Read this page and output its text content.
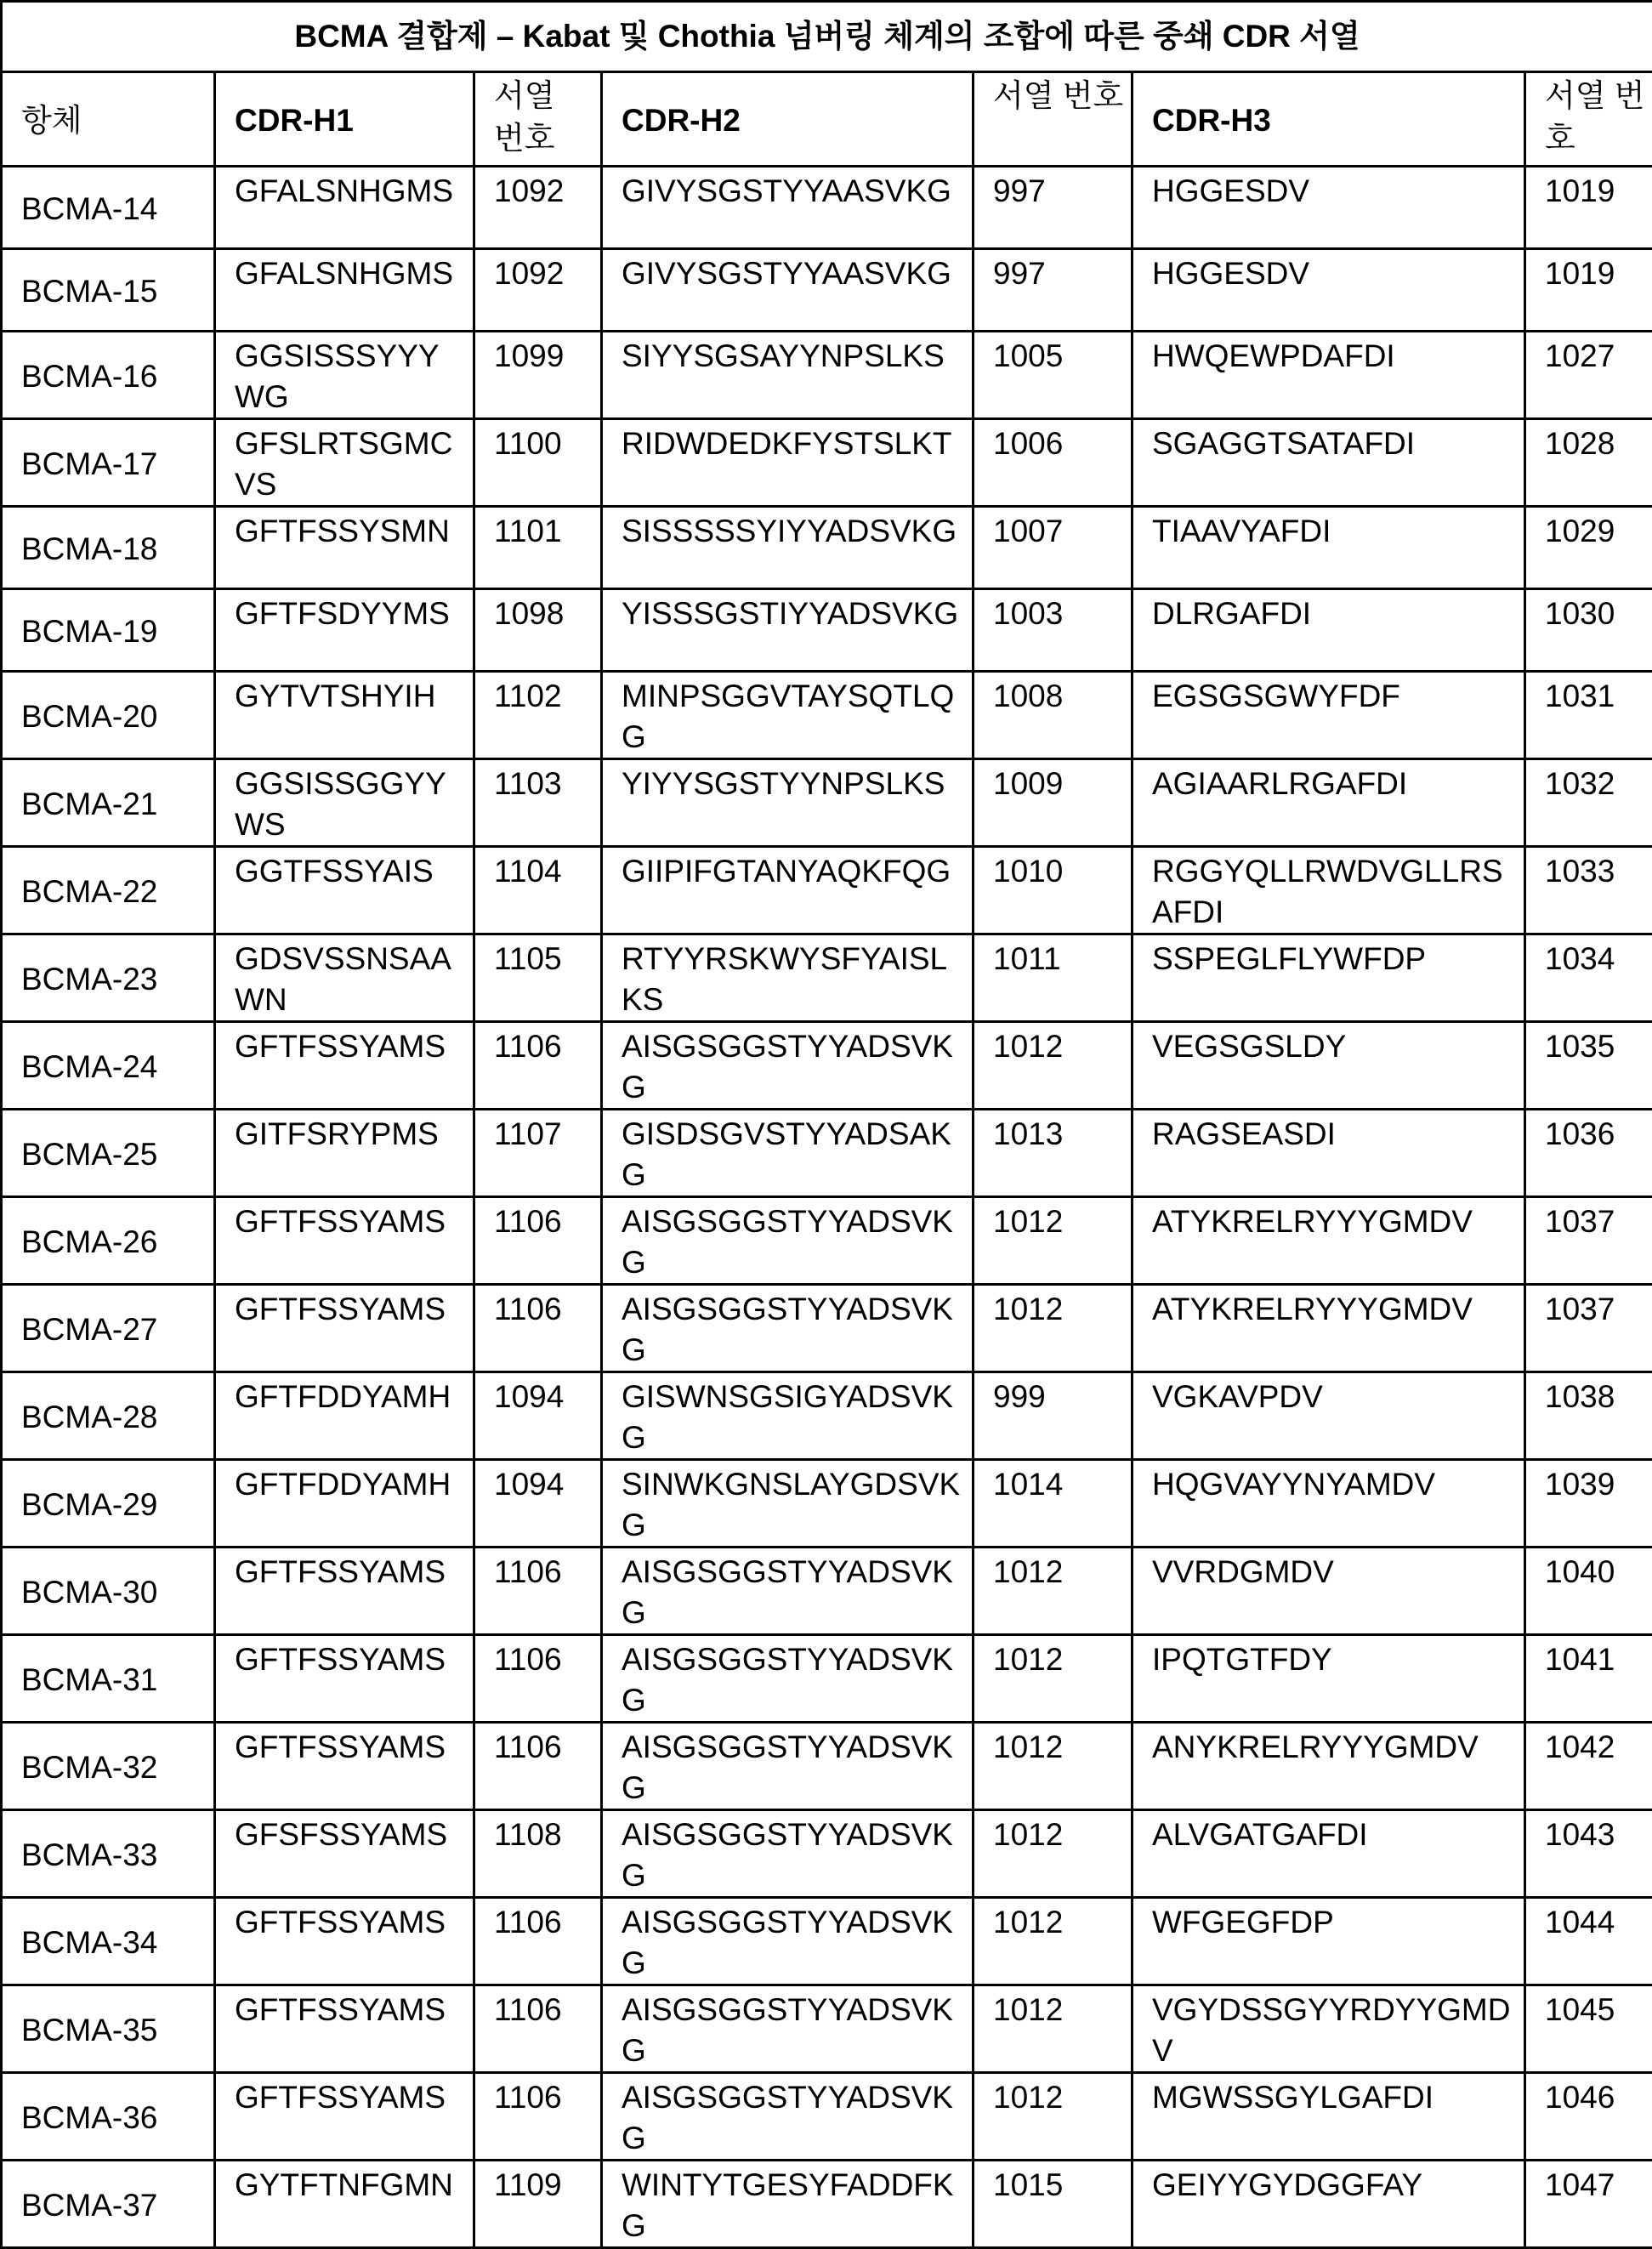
BCMA 결합제 – Kabat 및 Chothia 넘버링 체계의 조합에 따른 중쇄 CDR 서열
항체	CDR-H1	서열 번호	CDR-H2	서열 번호	CDR-H3	서열 번호
BCMA-14	GFALSNHGMS	1092	GIVYSGSTYYAASVKG	997	HGGESDV	1019
BCMA-15	GFALSNHGMS	1092	GIVYSGSTYYAASVKG	997	HGGESDV	1019
BCMA-16	GGSISSSYYYWG	1099	SIYYSGSAYYNPSLKS	1005	HWQEWPDAFDI	1027
BCMA-17	GFSLRTSGMCVS	1100	RIDWDEDKFYSTSLKT	1006	SGAGGTSATAFDI	1028
BCMA-18	GFTFSSYSMN	1101	SISSSSSYIYYADSVKG	1007	TIAAVYAFDI	1029
BCMA-19	GFTFSDYYMS	1098	YISSSGSTIYYADSVKG	1003	DLRGAFDI	1030
BCMA-20	GYTVTSHYIH	1102	MINPSGGVTAYSQTLQG	1008	EGSGSGWYFDF	1031
BCMA-21	GGSISSGGYYWS	1103	YIYYSGSTYYNPSLKS	1009	AGIAARLRGAFDI	1032
BCMA-22	GGTFSSYAIS	1104	GIIPIFGTANYAQKFQG	1010	RGGYQLLRWDVGLLRSAFDI	1033
BCMA-23	GDSVSSNSAAWN	1105	RTYYRSKWYSFYAISLKS	1011	SSPEGLFLYWFDP	1034
BCMA-24	GFTFSSYAMS	1106	AISGSGGSTYYADSVKG	1012	VEGSGSLDY	1035
BCMA-25	GITFSRYPMS	1107	GISDSGVSTYYADSAKG	1013	RAGSEASDI	1036
BCMA-26	GFTFSSYAMS	1106	AISGSGGSTYYADSVKG	1012	ATYKRELRYYYGMDV	1037
BCMA-27	GFTFSSYAMS	1106	AISGSGGSTYYADSVKG	1012	ATYKRELRYYYGMDV	1037
BCMA-28	GFTFDDYAMH	1094	GISWNSGSIGYADSVKG	999	VGKAVPDV	1038
BCMA-29	GFTFDDYAMH	1094	SINWKGNSLAYGDSVKG	1014	HQGVAYYNYAMDV	1039
BCMA-30	GFTFSSYAMS	1106	AISGSGGSTYYADSVKG	1012	VVRDGMDV	1040
BCMA-31	GFTFSSYAMS	1106	AISGSGGSTYYADSVKG	1012	IPQTGTFDY	1041
BCMA-32	GFTFSSYAMS	1106	AISGSGGSTYYADSVKG	1012	ANYKRELRYYYGMDV	1042
BCMA-33	GFSFSSYAMS	1108	AISGSGGSTYYADSVKG	1012	ALVGATGAFDI	1043
BCMA-34	GFTFSSYAMS	1106	AISGSGGSTYYADSVKG	1012	WFGEGFDP	1044
BCMA-35	GFTFSSYAMS	1106	AISGSGGSTYYADSVKG	1012	VGYDSSGYYRDYYGMDV	1045
BCMA-36	GFTFSSYAMS	1106	AISGSGGSTYYADSVKG	1012	MGWSSGYLGAFDI	1046
BCMA-37	GYTFTNFGMN	1109	WINTYTGESYFADDFKG	1015	GEIYYGYDGGFAY	1047
